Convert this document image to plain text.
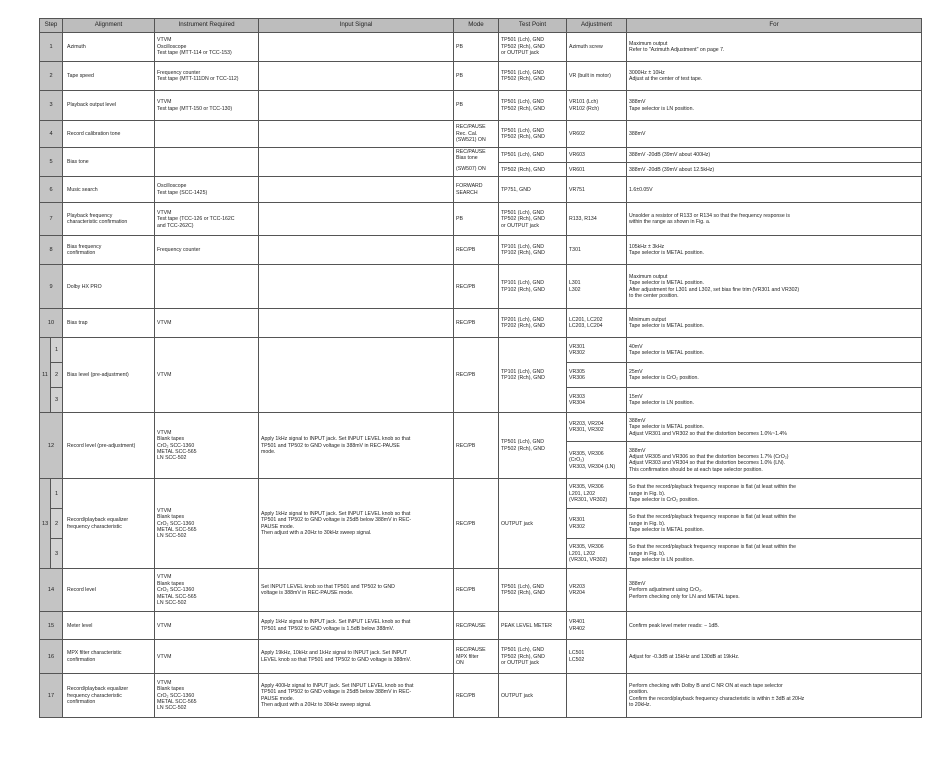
Step		Alignment	Instrument Required	Input Signal	Mode	Test Point	Adjustment	For
1		Azimuth	VTVM
Oscilloscope
Test tape (MTT-114 or TCC-153)		PB	TP501 (Lch), GND
TP502 (Rch), GND
or OUTPUT jack	Azimuth screw	Maximum output
Refer to "Azimuth Adjustment" on page 7.
2		Tape speed	Frequency counter
Test tape (MTT-111DN or TCC-112)		PB	TP501 (Lch), GND
TP502 (Rch), GND	VR (built in motor)	3000Hz ± 10Hz
Adjust at the center of test tape.
3		Playback output level	VTVM
Test tape (MTT-150 or TCC-130)		PB	TP501 (Lch), GND
TP502 (Rch), GND	VR101 (Lch)
VR102 (Rch)	388mV
Tape selector is LN position.
4		Record calibration tone			REC/PAUSE
Rec. Cal.
(SW521) ON	TP501 (Lch), GND
TP502 (Rch), GND	VR602	388mV
5		Bias tone			REC/PAUSE
Bias tone	TP501 (Lch), GND	VR603	388mV -20dB (39mV about 400Hz)
					(SW507) ON	TP502 (Rch), GND	VR601	388mV -20dB (39mV about 12.5kHz)
6		Music search	Oscilloscope
Test tape (SCC-1425)		FORWARD
SEARCH	TP751, GND	VR751	1.6±0.05V
7		Playback frequency
characteristic confirmation	VTVM
Test tape (TCC-126 or TCC-162C
and TCC-262C)		PB	TP501 (Lch), GND
TP502 (Rch), GND
or OUTPUT jack	R133, R134	Unsolder a resistor of R133 or R134 so that the frequency response is
within the range as shown in Fig. a.
8		Bias frequency
confirmation	Frequency counter		REC/PB	TP101 (Lch), GND
TP102 (Rch), GND	T301	105kHz ± 3kHz
Tape selector is METAL position.
9		Dolby HX PRO			REC/PB	TP101 (Lch), GND
TP102 (Rch), GND	L301
L302	Maximum output
Tape selector is METAL position.
After adjustment for L301 and L302, set bias fine trim (VR301 and VR302)
to the center position.
10		Bias trap	VTVM		REC/PB	TP201 (Lch), GND
TP202 (Rch), GND	LC201, LC202
LC203, LC204	Minimum output
Tape selector is METAL position.
11	1	Bias level (pre-adjustment)	VTVM		REC/PB	TP101 (Lch), GND
TP102 (Rch), GND	VR301
VR302	40mV
Tape selector is METAL position.
	2						VR305
VR306	25mV
Tape selector is CrO₂ position.
	3						VR303
VR304	15mV
Tape selector is LN position.
12		Record level (pre-adjustment)	VTVM
Blank tapes
CrO₂ SCC-1360
METAL SCC-565
LN SCC-502	Apply 1kHz signal to INPUT jack. Set INPUT LEVEL knob so that
TP501 and TP502 to GND voltage is 388mV in REC-PAUSE
mode.	REC/PB	TP501 (Lch), GND
TP502 (Rch), GND	VR203, VR204
VR301, VR302	388mV
Tape selector is METAL position.
Adjust VR301 and VR302 so that the distortion becomes 1.0%~1.4%
							VR305, VR306
(CrO₂)
VR303, VR304 (LN)	388mV
Adjust VR305 and VR306 so that the distortion becomes 1.7% (CrO₂)
Adjust VR303 and VR304 so that the distortion becomes 1.0% (LN).
This confirmation should be at each tape selector position.
13	1	Record/playback equalizer
frequency characteristic	VTVM
Blank tapes
CrO₂ SCC-1360
METAL SCC-565
LN SCC-502	Apply 1kHz signal to INPUT jack. Set INPUT LEVEL knob so that
TP501 and TP502 to GND voltage is 25dB below 388mV in REC-
PAUSE mode.
Then adjust with a 20Hz to 30kHz sweep signal.	REC/PB	OUTPUT jack	VR305, VR306
L201, L202
(VR301, VR302)	So that the record/playback frequency response is flat (at least within the
range in Fig. b).
Tape selector is CrO₂ position.
	2						VR301
VR302	So that the record/playback frequency response is flat (at least within the
range in Fig. b).
Tape selector is METAL position.
	3						VR305, VR306
L201, L202
(VR301, VR302)	So that the record/playback frequency response is flat (at least within the
range in Fig. b).
Tape selector is LN position.
14		Record level	VTVM
Blank tapes
CrO₂ SCC-1360
METAL SCC-565
LN SCC-502	Set INPUT LEVEL knob so that TP501 and TP502 to GND
voltage is 388mV in REC-PAUSE mode.	REC/PB	TP501 (Lch), GND
TP502 (Rch), GND	VR203
VR204	388mV
Perform adjustment using CrO₂.
Perform checking only for LN and METAL tapes.
15		Meter level	VTVM	Apply 1kHz signal to INPUT jack. Set INPUT LEVEL knob so that
TP501 and TP502 to GND voltage is 1.5dB below 388mV.	REC/PAUSE	PEAK LEVEL METER	VR401
VR402	Confirm peak level meter reads: − 1dB.
16		MPX filter characteristic
confirmation	VTVM	Apply 19kHz, 10kHz and 1kHz signal to INPUT jack. Set INPUT
LEVEL knob so that TP501 and TP502 to GND voltage is 388mV.	REC/PAUSE
MPX filter
ON	TP501 (Lch), GND
TP502 (Rch), GND
or OUTPUT jack	LC501
LC502	Adjust for -0.3dB at 15kHz and 130dB at 19kHz.
17		Record/playback equalizer
frequency characteristic
confirmation	VTVM
Blank tapes
CrO₂ SCC-1360
METAL SCC-565
LN SCC-502	Apply 400Hz signal to INPUT jack. Set INPUT LEVEL knob so that
TP501 and TP502 to GND voltage is 25dB below 388mV in REC-
PAUSE mode.
Then adjust with a 20Hz to 30kHz sweep signal.	REC/PB	OUTPUT jack		Perform checking with Dolby B and C NR ON at each tape selector
position.
Confirm the record/playback frequency characteristic is within ± 3dB at 20Hz
to 20kHz.
